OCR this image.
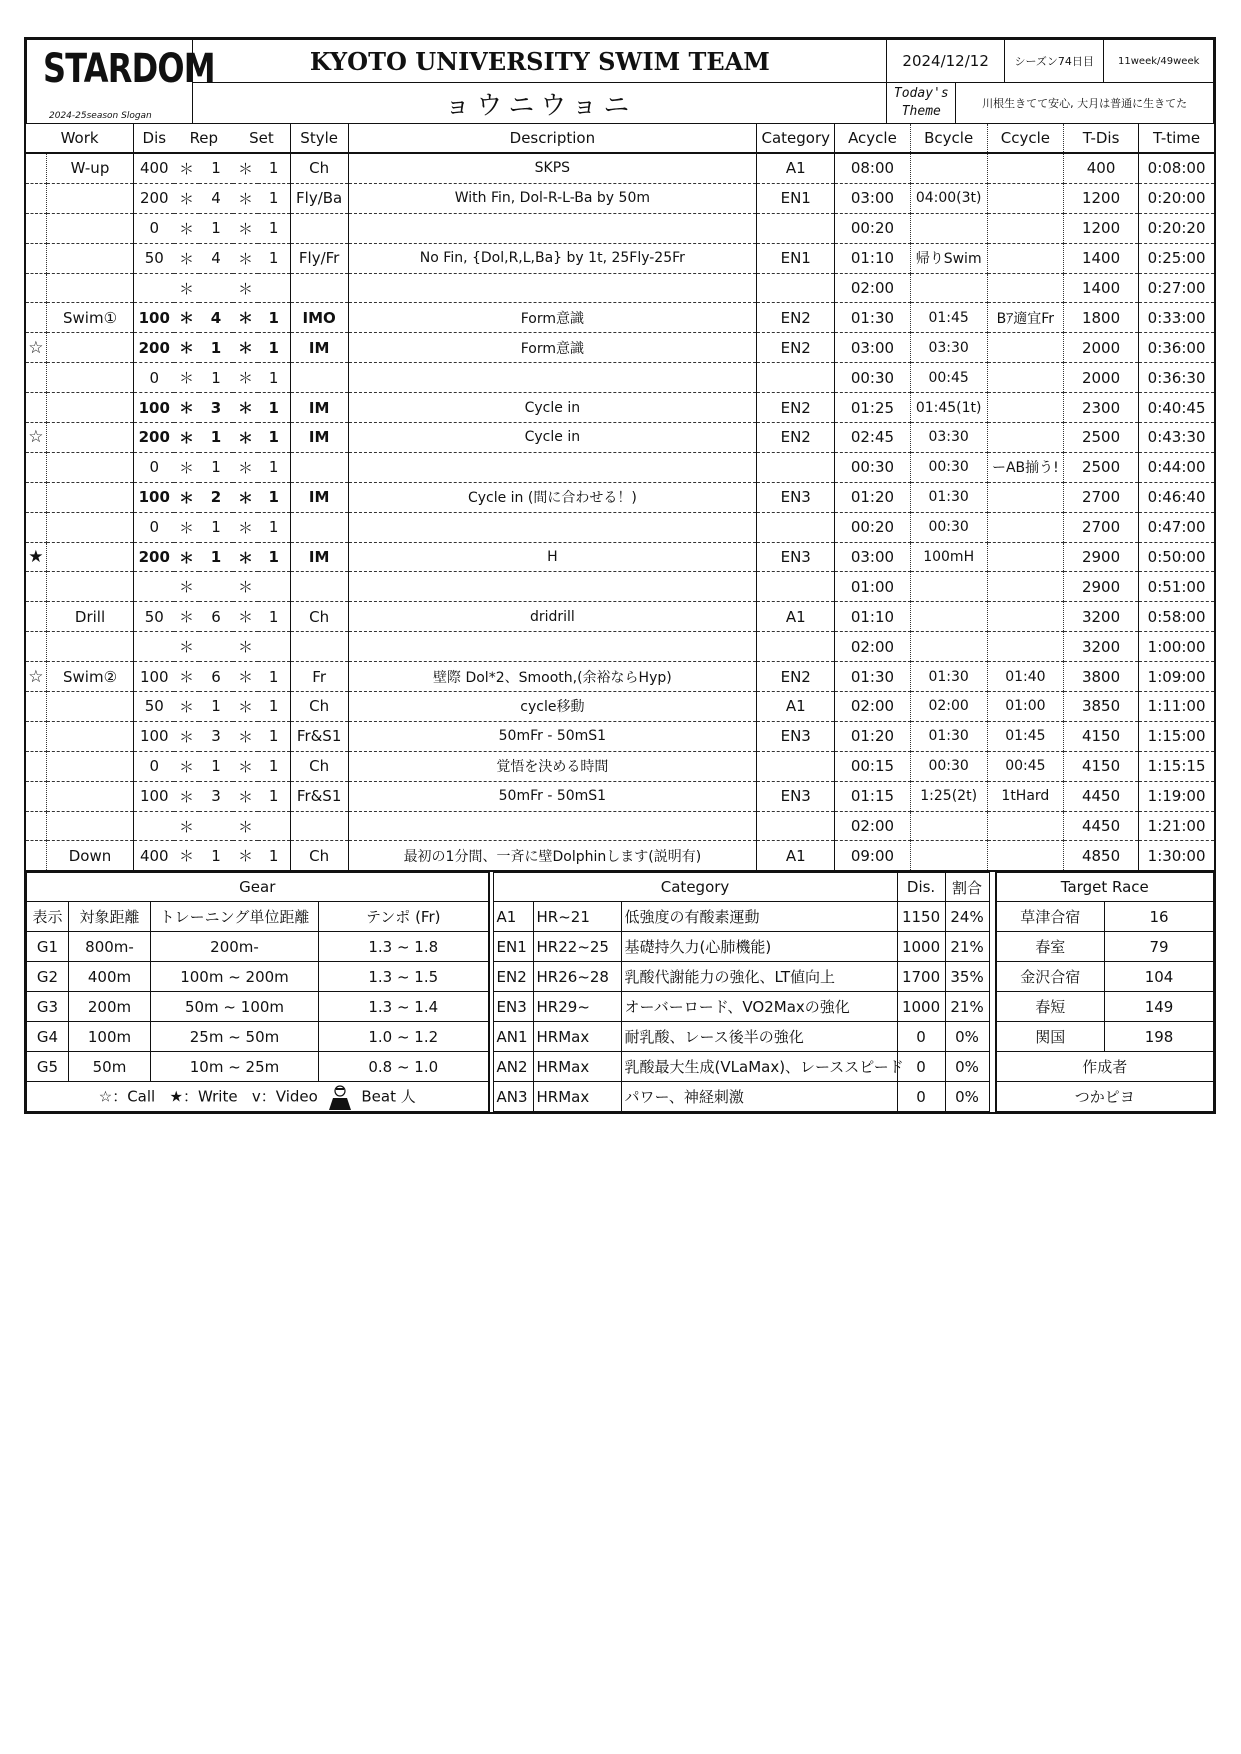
STARDOM
2024-25season Slogan	KYOTO UNIVERSITY SWIM TEAM	2024/12/12		シーズン74日目	11week/49week
	ョウニウョニ	Today's Theme	川根生きてて安心, 大月は普通に生きてた		
Work		Dis	Rep		Set		Style	Description	Category	Acycle	Bcycle	Ccycle	T-Dis	T-time
	W-up	400	＊	1	＊	1	Ch	SKPS	A1	08:00			400	0:08:00
		200	＊	4	＊	1	Fly/Ba	With Fin, Dol-R-L-Ba by 50m	EN1	03:00	04:00(3t)		1200	0:20:00
		0	＊	1	＊	1				00:20			1200	0:20:20
		50	＊	4	＊	1	Fly/Fr	No Fin, {Dol,R,L,Ba} by 1t, 25Fly-25Fr	EN1	01:10	帰りSwim		1400	0:25:00
			＊		＊					02:00			1400	0:27:00
	Swim①	100	＊	4	＊	1	IMO	Form意識	EN2	01:30	01:45	Bｱ適宜Fr	1800	0:33:00
☆		200	＊	1	＊	1	IM	Form意識	EN2	03:00	03:30		2000	0:36:00
		0	＊	1	＊	1				00:30	00:45		2000	0:36:30
		100	＊	3	＊	1	IM	Cycle in	EN2	01:25	01:45(1t)		2300	0:40:45
☆		200	＊	1	＊	1	IM	Cycle in	EN2	02:45	03:30		2500	0:43:30
		0	＊	1	＊	1				00:30	00:30	ーAB揃う!	2500	0:44:00
		100	＊	2	＊	1	IM	Cycle in (間に合わせる！)	EN3	01:20	01:30		2700	0:46:40
		0	＊	1	＊	1				00:20	00:30		2700	0:47:00
★		200	＊	1	＊	1	IM	H	EN3	03:00	100mH		2900	0:50:00
			＊		＊					01:00			2900	0:51:00
	Drill	50	＊	6	＊	1	Ch	dridrill	A1	01:10			3200	0:58:00
			＊		＊					02:00			3200	1:00:00
☆	Swim②	100	＊	6	＊	1	Fr	壁際 Dol*2、Smooth,(余裕ならHyp)	EN2	01:30	01:30	01:40	3800	1:09:00
		50	＊	1	＊	1	Ch	cycle移動	A1	02:00	02:00	01:00	3850	1:11:00
		100	＊	3	＊	1	Fr&S1	50mFr - 50mS1	EN3	01:20	01:30	01:45	4150	1:15:00
		0	＊	1	＊	1	Ch	覚悟を決める時間		00:15	00:30	00:45	4150	1:15:15
		100	＊	3	＊	1	Fr&S1	50mFr - 50mS1	EN3	01:15	1:25(2t)	1tHard	4450	1:19:00
			＊		＊					02:00			4450	1:21:00
	Down	400	＊	1	＊	1	Ch	最初の1分間、一斉に壁Dolphinします(説明有)	A1	09:00			4850	1:30:00
Gear			
表示	対象距離	トレーニング単位距離	テンポ (Fr)
G1	800m-	200m-	1.3 ~ 1.8
G2	400m	100m ~ 200m	1.3 ~ 1.5
G3	200m	50m ~ 100m	1.3 ~ 1.4
G4	100m	25m ~ 50m	1.0 ~ 1.2
G5	50m	10m ~ 25m	0.8 ~ 1.0
☆：Call ★：Write v：Video Beat 人			
Category			Dis.	割合
A1	HR~21	低強度の有酸素運動	1150	24%
EN1	HR22~25	基礎持久力(心肺機能)	1000	21%
EN2	HR26~28	乳酸代謝能力の強化、LT値向上	1700	35%
EN3	HR29~	オーバーロード、VO2Maxの強化	1000	21%
AN1	HRMax	耐乳酸、レース後半の強化	0	0%
AN2	HRMax	乳酸最大生成(VLaMax)、レーススピード	0	0%
AN3	HRMax	パワー、神経刺激	0	0%
Target Race	
草津合宿	16
春室	79
金沢合宿	104
春短	149
関国	198
作成者	
つかピヨ	
